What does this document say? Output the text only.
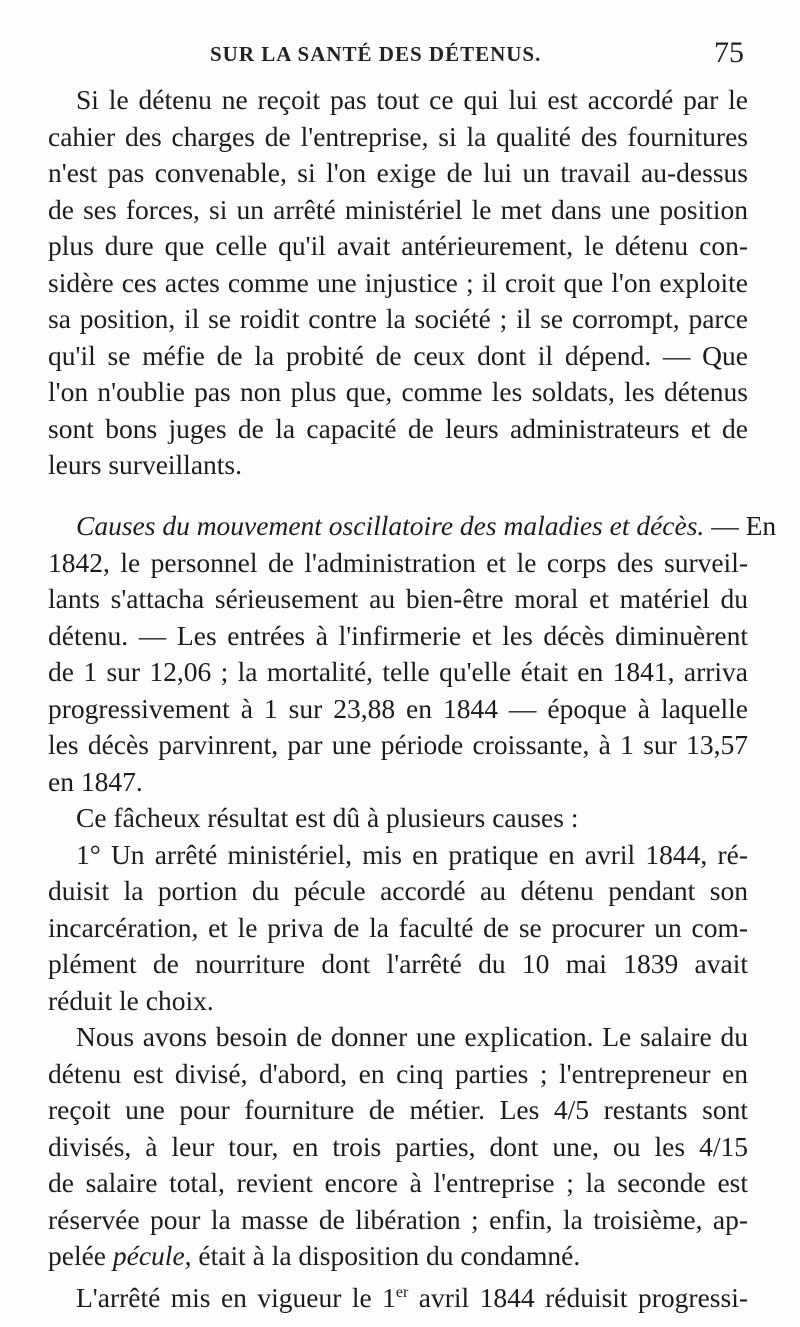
SUR LA SANTÉ DES DÉTENUS.	75
Si le détenu ne reçoit pas tout ce qui lui est accordé par le
cahier des charges de l'entreprise, si la qualité des fournitures
n'est pas convenable, si l'on exige de lui un travail au-dessus
de ses forces, si un arrêté ministériel le met dans une position
plus dure que celle qu'il avait antérieurement, le détenu con-
sidère ces actes comme une injustice ; il croit que l'on exploite
sa position, il se roidit contre la société ; il se corrompt, parce
qu'il se méfie de la probité de ceux dont il dépend. — Que
l'on n'oublie pas non plus que, comme les soldats, les détenus
sont bons juges de la capacité de leurs administrateurs et de
leurs surveillants.
Causes du mouvement oscillatoire des maladies et décès. — En
1842, le personnel de l'administration et le corps des surveil-
lants s'attacha sérieusement au bien-être moral et matériel du
détenu. — Les entrées à l'infirmerie et les décès diminuèrent
de 1 sur 12,06 ; la mortalité, telle qu'elle était en 1841, arriva
progressivement à 1 sur 23,88 en 1844 — époque à laquelle
les décès parvinrent, par une période croissante, à 1 sur 13,57
en 1847.
Ce fâcheux résultat est dû à plusieurs causes :
1° Un arrêté ministériel, mis en pratique en avril 1844, ré-
duisit la portion du pécule accordé au détenu pendant son
incarcération, et le priva de la faculté de se procurer un com-
plément de nourriture dont l'arrêté du 10 mai 1839 avait
réduit le choix.
Nous avons besoin de donner une explication. Le salaire du
détenu est divisé, d'abord, en cinq parties ; l'entrepreneur en
reçoit une pour fourniture de métier. Les 4/5 restants sont
divisés, à leur tour, en trois parties, dont une, ou les 4/15
de salaire total, revient encore à l'entreprise ; la seconde est
réservée pour la masse de libération ; enfin, la troisième, ap-
pelée pécule, était à la disposition du condamné.
L'arrêté mis en vigueur le 1er avril 1844 réduisit progressi-
